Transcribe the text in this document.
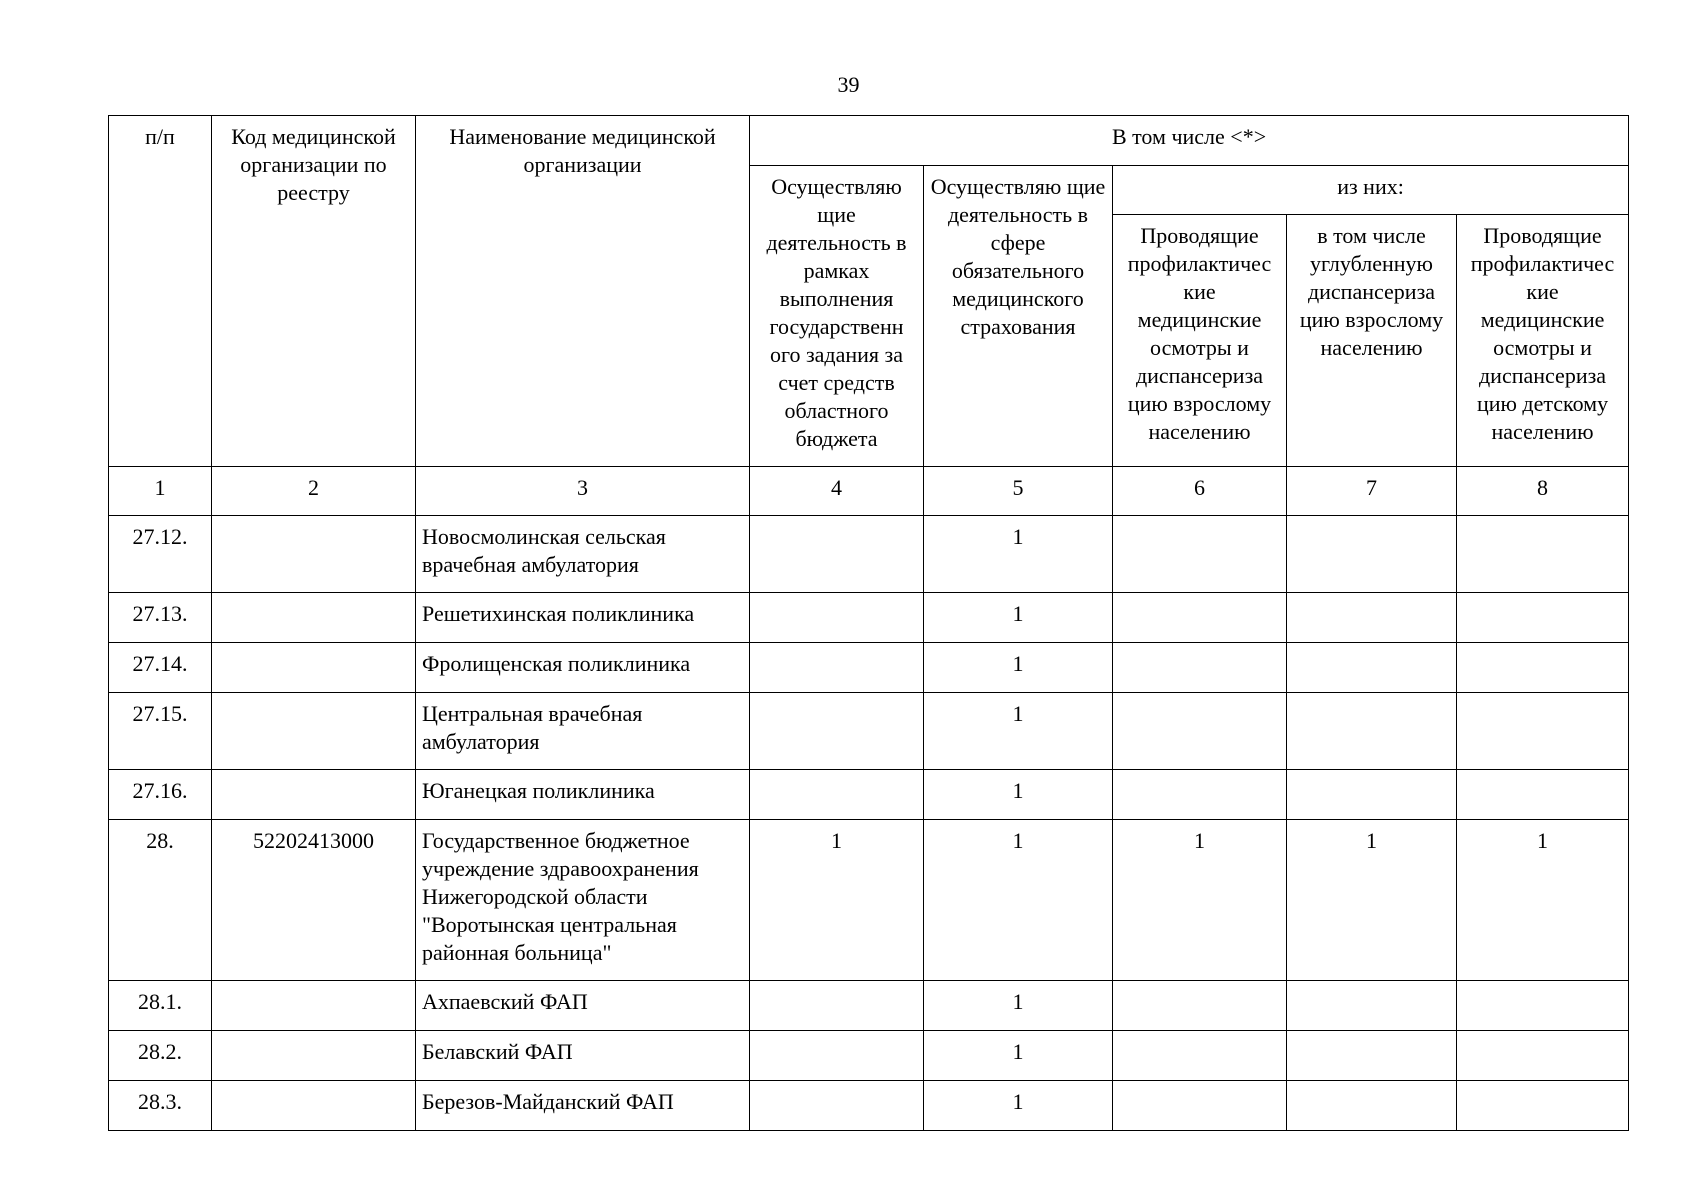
39
п/п	Код медицинской организации по реестру	Наименование медицинской организации	В том числе <*>				
			Осуществляю щие деятельность в рамках выполнения государственн ого задания за счет средств областного бюджета	Осуществляю щие деятельность в сфере обязательного медицинского страхования	из них:		
					Проводящие профилактичес кие медицинские осмотры и диспансериза цию взрослому населению	в том числе углубленную диспансериза цию взрослому населению	Проводящие профилактичес кие медицинские осмотры и диспансериза цию детскому населению
1	2	3	4	5	6	7	8
27.12.		Новосмолинская сельская врачебная амбулатория		1			
27.13.		Решетихинская поликлиника		1			
27.14.		Фролищенская поликлиника		1			
27.15.		Центральная врачебная амбулатория		1			
27.16.		Юганецкая поликлиника		1			
28.	52202413000	Государственное бюджетное учреждение здравоохранения Нижегородской области "Воротынская центральная районная больница"	1	1	1	1	1
28.1.		Ахпаевский ФАП		1			
28.2.		Белавский ФАП		1			
28.3.		Березов-Майданский ФАП		1			
